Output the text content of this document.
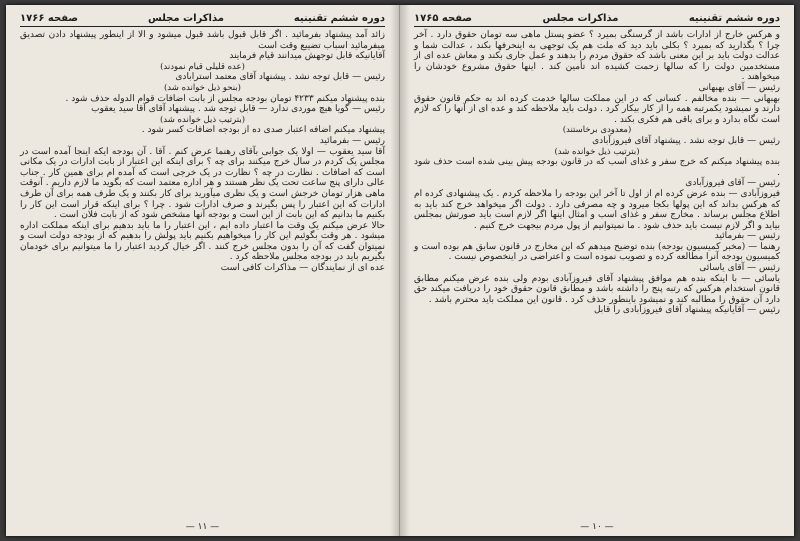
دوره ششم تقنینیه
مذاکرات مجلس
صفحه ۱۷۶۶

زائد آمد پیشنهاد بفرمائید . اگر قابل قبول باشد قبول میشود و الا از اینطور پیشنهاد دادن تصدیق میفرمائید اسباب تضییع وقت است

آقایانیکه قابل توجهش میدانند قیام فرمایند

(عده قلیلی قیام نمودند)

رئیس — قابل توجه نشد . پیشنهاد آقای معتمد استرابادی

(بنحو ذیل خوانده شد)

بنده پیشنهاد میکنم ۴۲۳۳ تومان بودجه مجلس از بابت اضافات قوام الدوله حذف شود .

رئیس — گویا هیچ موردی ندارد — قابل توجه شد . پیشنهاد آقای آقا سید یعقوب

(بترتیب ذیل خوانده شد)

پیشنهاد میکنم اضافه اعتبار صدی ده از بودجه اضافات کسر شود .

رئیس — بفرمائید

آقا سید یعقوب — اولا یک جوابی بآقای رهنما عرض کنم . آقا . آن بودجه ایکه اینجا آمده است در مجلس یک کردم در سال خرج میکنند برای چه ؟ برای اینکه این اعتبار از بابت ادارات در یک مکانی است که اضافات . نظارت در چه ؟ نظارت در یک خرجی است که آمده ام برای همین کار . جناب عالی دارای پنج ساعت تحت یک نظر هستند و هر اداره معتمد است که بگوید ما لازم داریم . آنوقت ماهی هزار تومان خرجش است و یک نظری میآورید برای کار بکنند و یک طرف همه برای آن طرف ادارات که این اعتبار را پس بگیرند و صرف ادارات شود . چرا ؟ برای اینکه قرار است این کار را بکنیم ما بدانیم که این بابت از این است و بودجه آنها مشخص شود که از بابت فلان است .

حالا عرض میکنم یک وقت ما اعتبار داده ایم ، این اعتبار را ما باید بدهیم برای اینکه مملکت اداره میشود . هر وقت بگوئیم این کار را میخواهیم بکنیم باید پولش را بدهیم که از بودجه دولت است و نمیتوان گفت که آن را بدون مجلس خرج کنند . اگر خیال کردید اعتبار را ما میتوانیم برای خودمان بگیریم باید در بودجه مجلس ملاحظه کرد .

عده ای از نمایندگان — مذاکرات کافی است

— ۱۱ —
دوره ششم تقنینیه
مذاکرات مجلس
صفحه ۱۷۶۵

و هرکس خارج از ادارات باشد از گرسنگی بمیرد ؟ عضو پستل ماهی سه تومان حقوق دارد . آخر چرا ؟ بگذارید که بمیرد ؟ بکلی باید دید که ملت هم یک توجهی به اینحرفها بکند ، عدالت شما و عدالت دولت باید بر این معنی باشد که حقوق مردم را بدهند و عمل جاری بکند و معاش عده ای از مستخدمین دولت را که سالها زحمت کشیده اند تأمین کند . اینها حقوق مشروع خودشان را میخواهند .

رئیس — آقای بهبهانی

بهبهانی — بنده مخالفم . کسانی که در این مملکت سالها خدمت کرده اند به حکم قانون حقوق دارند و نمیشود یکمرتبه همه را از کار بیکار کرد . دولت باید ملاحظه کند و عده ای از آنها را که لازم است نگاه بدارد و برای باقی هم فکری بکند .

(معدودی برخاستند)

رئیس — قابل توجه نشد . پیشنهاد آقای فیروزآبادی

(بترتیب ذیل خوانده شد)

بنده پیشنهاد میکنم که خرج سفر و غذای اسب که در قانون بودجه پیش بینی شده است حذف شود .

رئیس — آقای فیروزآبادی

فیروزآبادی — بنده عرض کرده ام از اول تا آخر این بودجه را ملاحظه کردم . یک پیشنهادی کرده ام که هرکس بداند که این پولها بکجا میرود و چه مصرفی دارد . دولت اگر میخواهد خرج کند باید به اطلاع مجلس برساند . مخارج سفر و غذای اسب و امثال اینها اگر لازم است باید صورتش بمجلس بیاید و اگر لازم نیست باید حذف شود . ما نمیتوانیم از پول مردم بیجهت خرج کنیم .

رئیس — بفرمائید

رهنما — (مخبر کمیسیون بودجه) بنده توضیح میدهم که این مخارج در قانون سابق هم بوده است و کمیسیون بودجه آنرا مطالعه کرده و تصویب نموده است و اعتراضی در اینخصوص نیست .

رئیس — آقای یاسائی

یاسائی — با اینکه بنده هم موافق پیشنهاد آقای فیروزآبادی بودم ولی بنده عرض میکنم مطابق قانون استخدام هرکس که رتبه پنج را داشته باشد و مطابق قانون حقوق خود را دریافت میکند حق دارد آن حقوق را مطالبه کند و نمیشود باینطور حذف کرد . قانون این مملکت باید محترم باشد .

رئیس — آقایانیکه پیشنهاد آقای فیروزآبادی را قابل

— ۱۰ —
